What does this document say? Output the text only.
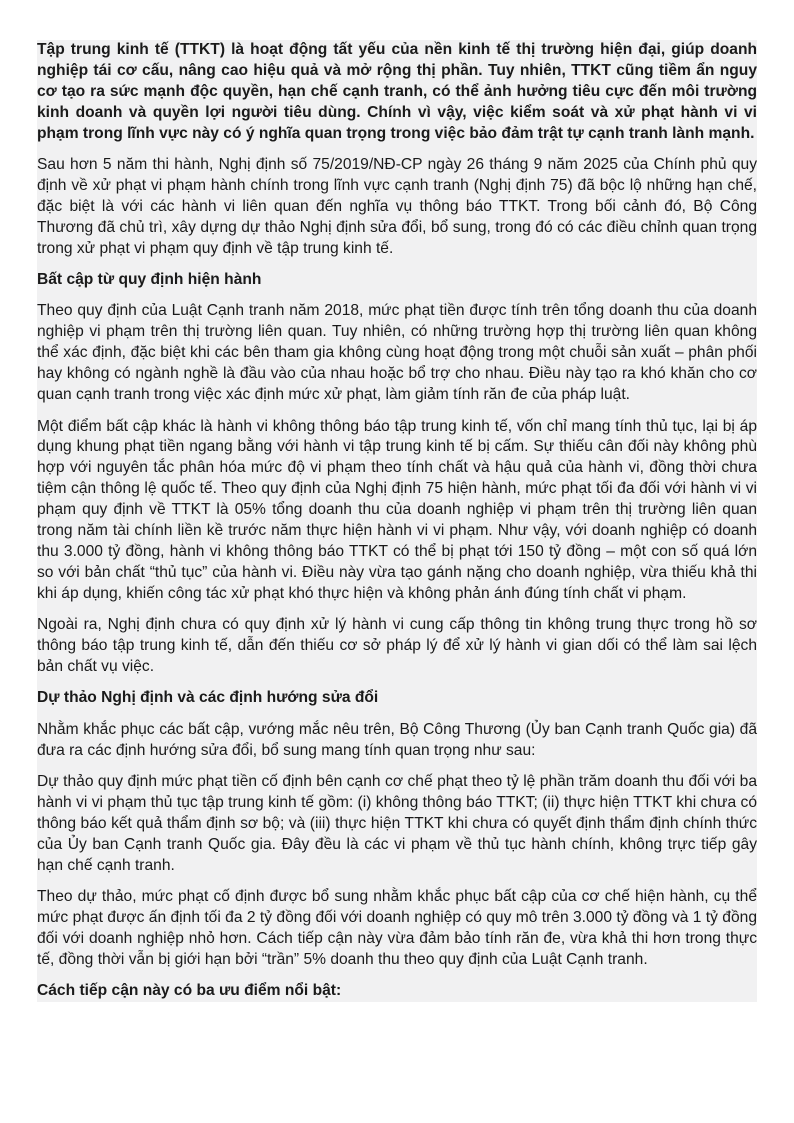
Tập trung kinh tế (TTKT) là hoạt động tất yếu của nền kinh tế thị trường hiện đại, giúp doanh nghiệp tái cơ cấu, nâng cao hiệu quả và mở rộng thị phần. Tuy nhiên, TTKT cũng tiềm ẩn nguy cơ tạo ra sức mạnh độc quyền, hạn chế cạnh tranh, có thể ảnh hưởng tiêu cực đến môi trường kinh doanh và quyền lợi người tiêu dùng. Chính vì vậy, việc kiểm soát và xử phạt hành vi vi phạm trong lĩnh vực này có ý nghĩa quan trọng trong việc bảo đảm trật tự cạnh tranh lành mạnh.

Sau hơn 5 năm thi hành, Nghị định số 75/2019/NĐ-CP ngày 26 tháng 9 năm 2025 của Chính phủ quy định về xử phạt vi phạm hành chính trong lĩnh vực cạnh tranh (Nghị định 75) đã bộc lộ những hạn chế, đặc biệt là với các hành vi liên quan đến nghĩa vụ thông báo TTKT. Trong bối cảnh đó, Bộ Công Thương đã chủ trì, xây dựng dự thảo Nghị định sửa đổi, bổ sung, trong đó có các điều chỉnh quan trọng trong xử phạt vi phạm quy định về tập trung kinh tế.

Bất cập từ quy định hiện hành

Theo quy định của Luật Cạnh tranh năm 2018, mức phạt tiền được tính trên tổng doanh thu của doanh nghiệp vi phạm trên thị trường liên quan. Tuy nhiên, có những trường hợp thị trường liên quan không thể xác định, đặc biệt khi các bên tham gia không cùng hoạt động trong một chuỗi sản xuất – phân phối hay không có ngành nghề là đầu vào của nhau hoặc bổ trợ cho nhau. Điều này tạo ra khó khăn cho cơ quan cạnh tranh trong việc xác định mức xử phạt, làm giảm tính răn đe của pháp luật.

Một điểm bất cập khác là hành vi không thông báo tập trung kinh tế, vốn chỉ mang tính thủ tục, lại bị áp dụng khung phạt tiền ngang bằng với hành vi tập trung kinh tế bị cấm. Sự thiếu cân đối này không phù hợp với nguyên tắc phân hóa mức độ vi phạm theo tính chất và hậu quả của hành vi, đồng thời chưa tiệm cận thông lệ quốc tế. Theo quy định của Nghị định 75 hiện hành, mức phạt tối đa đối với hành vi vi phạm quy định về TTKT là 05% tổng doanh thu của doanh nghiệp vi phạm trên thị trường liên quan trong năm tài chính liền kề trước năm thực hiện hành vi vi phạm. Như vậy, với doanh nghiệp có doanh thu 3.000 tỷ đồng, hành vi không thông báo TTKT có thể bị phạt tới 150 tỷ đồng – một con số quá lớn so với bản chất “thủ tục” của hành vi. Điều này vừa tạo gánh nặng cho doanh nghiệp, vừa thiếu khả thi khi áp dụng, khiến công tác xử phạt khó thực hiện và không phản ánh đúng tính chất vi phạm.

Ngoài ra, Nghị định chưa có quy định xử lý hành vi cung cấp thông tin không trung thực trong hồ sơ thông báo tập trung kinh tế, dẫn đến thiếu cơ sở pháp lý để xử lý hành vi gian dối có thể làm sai lệch bản chất vụ việc.

Dự thảo Nghị định và các định hướng sửa đổi

Nhằm khắc phục các bất cập, vướng mắc nêu trên, Bộ Công Thương (Ủy ban Cạnh tranh Quốc gia) đã đưa ra các định hướng sửa đổi, bổ sung mang tính quan trọng như sau:

Dự thảo quy định mức phạt tiền cố định bên cạnh cơ chế phạt theo tỷ lệ phần trăm doanh thu đối với ba hành vi vi phạm thủ tục tập trung kinh tế gồm: (i) không thông báo TTKT; (ii) thực hiện TTKT khi chưa có thông báo kết quả thẩm định sơ bộ; và (iii) thực hiện TTKT khi chưa có quyết định thẩm định chính thức của Ủy ban Cạnh tranh Quốc gia. Đây đều là các vi phạm về thủ tục hành chính, không trực tiếp gây hạn chế cạnh tranh.

Theo dự thảo, mức phạt cố định được bổ sung nhằm khắc phục bất cập của cơ chế hiện hành, cụ thể mức phạt được ấn định tối đa 2 tỷ đồng đối với doanh nghiệp có quy mô trên 3.000 tỷ đồng và 1 tỷ đồng đối với doanh nghiệp nhỏ hơn. Cách tiếp cận này vừa đảm bảo tính răn đe, vừa khả thi hơn trong thực tế, đồng thời vẫn bị giới hạn bởi “trần” 5% doanh thu theo quy định của Luật Cạnh tranh.

Cách tiếp cận này có ba ưu điểm nổi bật:
